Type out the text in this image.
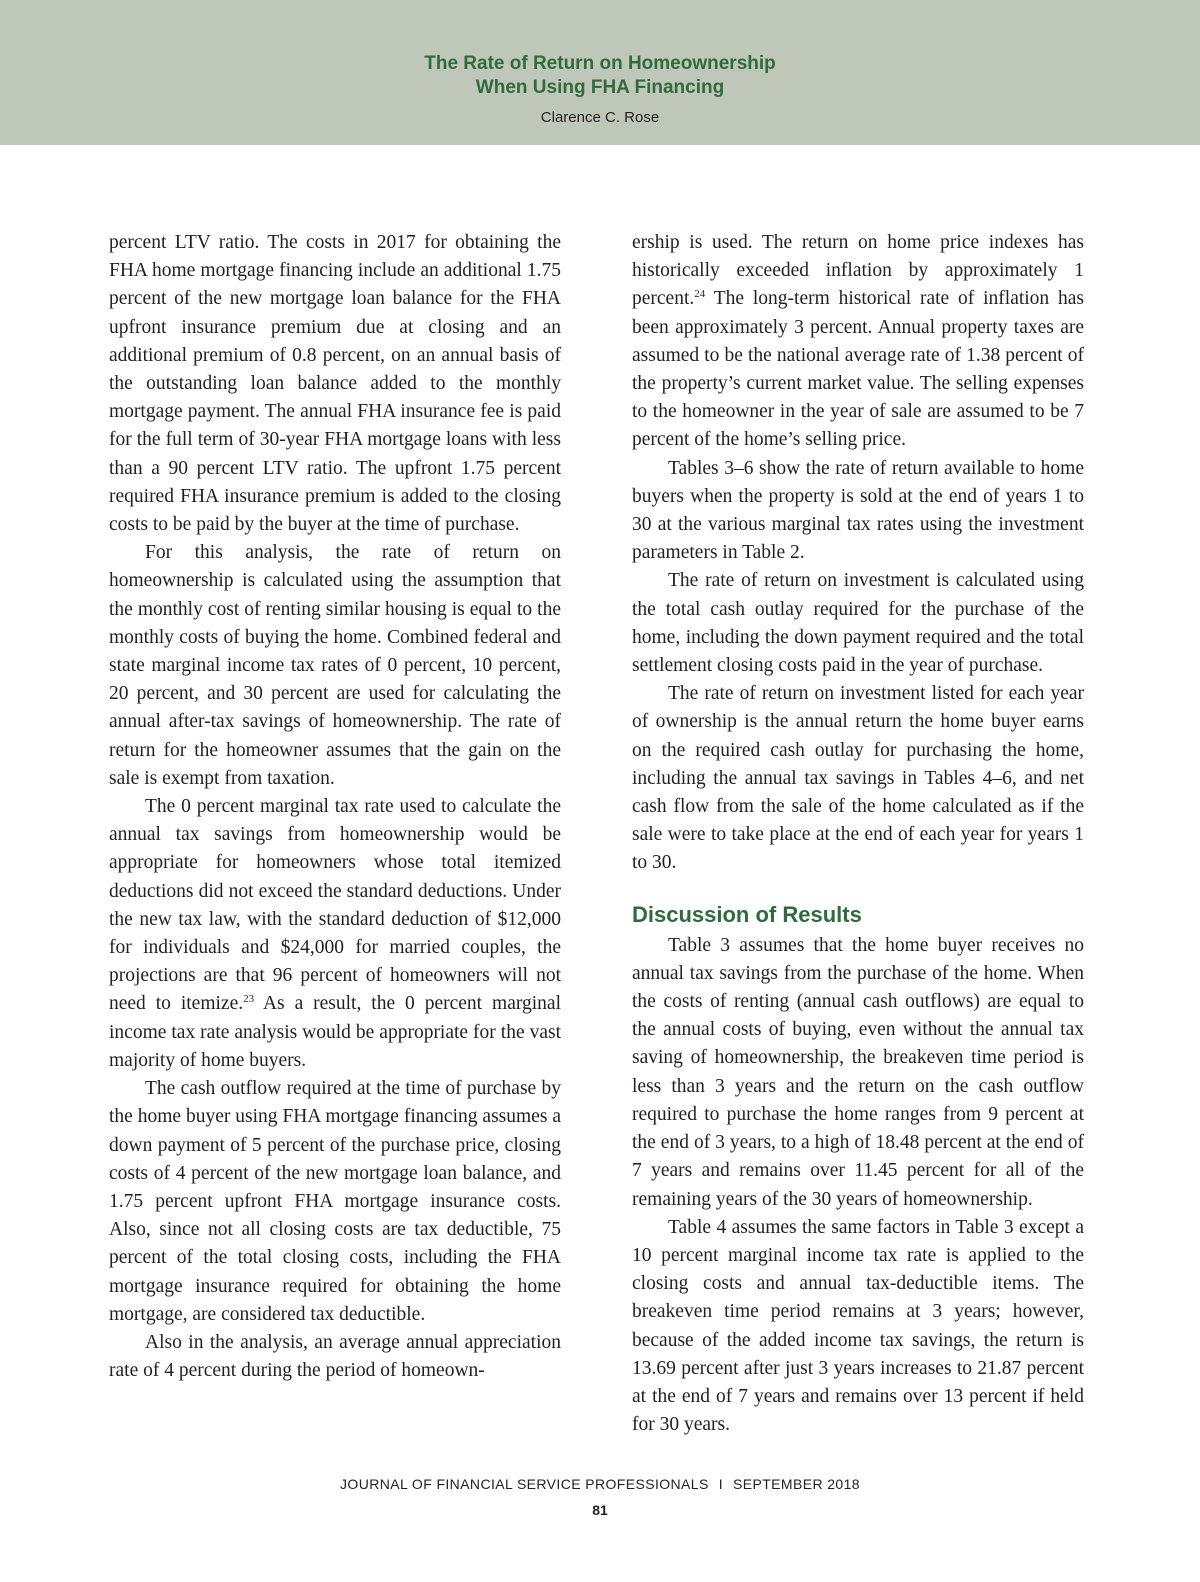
The Rate of Return on Homeownership
When Using FHA Financing
Clarence C. Rose

percent LTV ratio. The costs in 2017 for obtaining the FHA home mortgage financing include an additional 1.75 percent of the new mortgage loan balance for the FHA upfront insurance premium due at closing and an additional premium of 0.8 percent, on an annual basis of the outstanding loan balance added to the monthly mortgage payment. The annual FHA insurance fee is paid for the full term of 30-year FHA mortgage loans with less than a 90 percent LTV ratio. The upfront 1.75 percent required FHA insurance premium is added to the closing costs to be paid by the buyer at the time of purchase.

For this analysis, the rate of return on homeownership is calculated using the assumption that the monthly cost of renting similar housing is equal to the monthly costs of buying the home. Combined federal and state marginal income tax rates of 0 percent, 10 percent, 20 percent, and 30 percent are used for calculating the annual after-tax savings of homeownership. The rate of return for the homeowner assumes that the gain on the sale is exempt from taxation.

The 0 percent marginal tax rate used to calculate the annual tax savings from homeownership would be appropriate for homeowners whose total itemized deductions did not exceed the standard deductions. Under the new tax law, with the standard deduction of $12,000 for individuals and $24,000 for married couples, the projections are that 96 percent of homeowners will not need to itemize.$^{23}$ As a result, the 0 percent marginal income tax rate analysis would be appropriate for the vast majority of home buyers.

The cash outflow required at the time of purchase by the home buyer using FHA mortgage financing assumes a down payment of 5 percent of the purchase price, closing costs of 4 percent of the new mortgage loan balance, and 1.75 percent upfront FHA mortgage insurance costs. Also, since not all closing costs are tax deductible, 75 percent of the total closing costs, including the FHA mortgage insurance required for obtaining the home mortgage, are considered tax deductible.

Also in the analysis, an average annual appreciation rate of 4 percent during the period of homeown-

ership is used. The return on home price indexes has historically exceeded inflation by approximately 1 percent.$^{24}$ The long-term historical rate of inflation has been approximately 3 percent. Annual property taxes are assumed to be the national average rate of 1.38 percent of the property’s current market value. The selling expenses to the homeowner in the year of sale are assumed to be 7 percent of the home’s selling price.

Tables 3–6 show the rate of return available to home buyers when the property is sold at the end of years 1 to 30 at the various marginal tax rates using the investment parameters in Table 2.

The rate of return on investment is calculated using the total cash outlay required for the purchase of the home, including the down payment required and the total settlement closing costs paid in the year of purchase.

The rate of return on investment listed for each year of ownership is the annual return the home buyer earns on the required cash outlay for purchasing the home, including the annual tax savings in Tables 4–6, and net cash flow from the sale of the home calculated as if the sale were to take place at the end of each year for years 1 to 30.

Discussion of Results

Table 3 assumes that the home buyer receives no annual tax savings from the purchase of the home. When the costs of renting (annual cash outflows) are equal to the annual costs of buying, even without the annual tax saving of homeownership, the breakeven time period is less than 3 years and the return on the cash outflow required to purchase the home ranges from 9 percent at the end of 3 years, to a high of 18.48 percent at the end of 7 years and remains over 11.45 percent for all of the remaining years of the 30 years of homeownership.

Table 4 assumes the same factors in Table 3 except a 10 percent marginal income tax rate is applied to the closing costs and annual tax-deductible items. The breakeven time period remains at 3 years; however, because of the added income tax savings, the return is 13.69 percent after just 3 years increases to 21.87 percent at the end of 7 years and remains over 13 percent if held for 30 years.

JOURNAL OF FINANCIAL SERVICE PROFESSIONALS I SEPTEMBER 2018
81
